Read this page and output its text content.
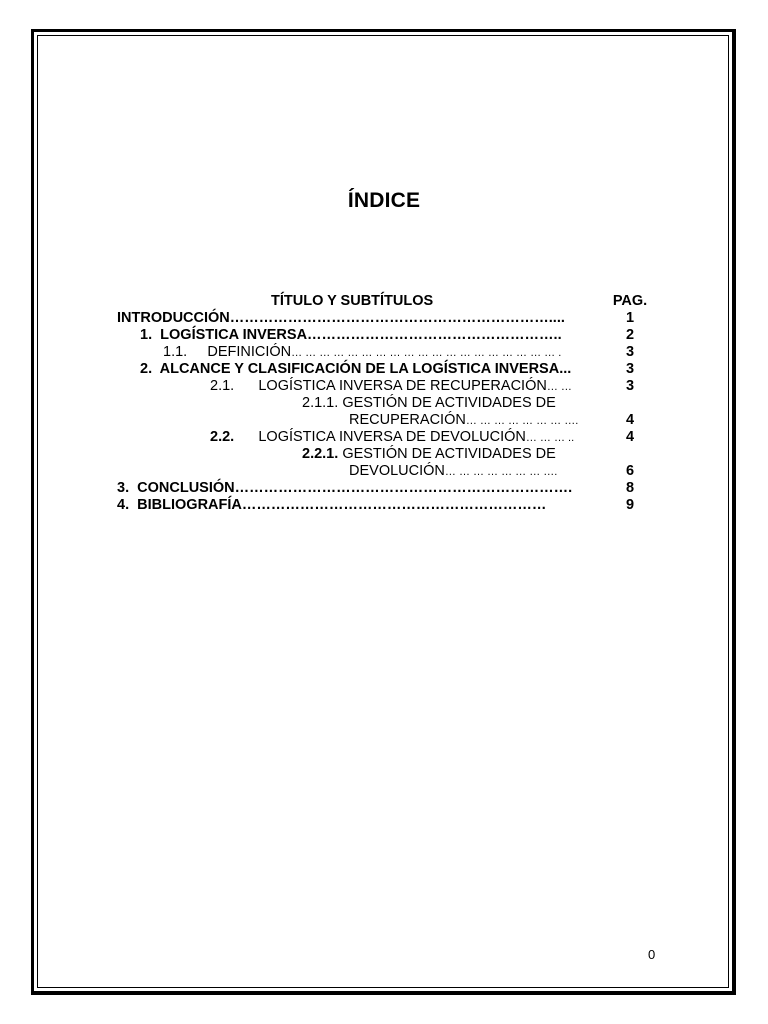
ÍNDICE
TÍTULO Y SUBTÍTULOS	PAG.
INTRODUCCIÓN…………………………………………………………....	1
1. LOGÍSTICA INVERSA……………………………………………..	2
1.1. DEFINICIÓN… … … … … … … … … … … … … … … … … … … .	3
2. ALCANCE Y CLASIFICACIÓN DE LA LOGÍSTICA INVERSA...	3
2.1. LOGÍSTICA INVERSA DE RECUPERACIÓN… …	3
2.1.1. GESTIÓN DE ACTIVIDADES DE
RECUPERACIÓN… … … … … … … ….	4
2.2. LOGÍSTICA INVERSA DE DEVOLUCIÓN… … … ..	4
2.2.1. GESTIÓN DE ACTIVIDADES DE
DEVOLUCIÓN… … … … … … … ….	6
3. CONCLUSIÓN…………………………………………………………….	8
4. BIBLIOGRAFÍA………………………………………………………	9
0
